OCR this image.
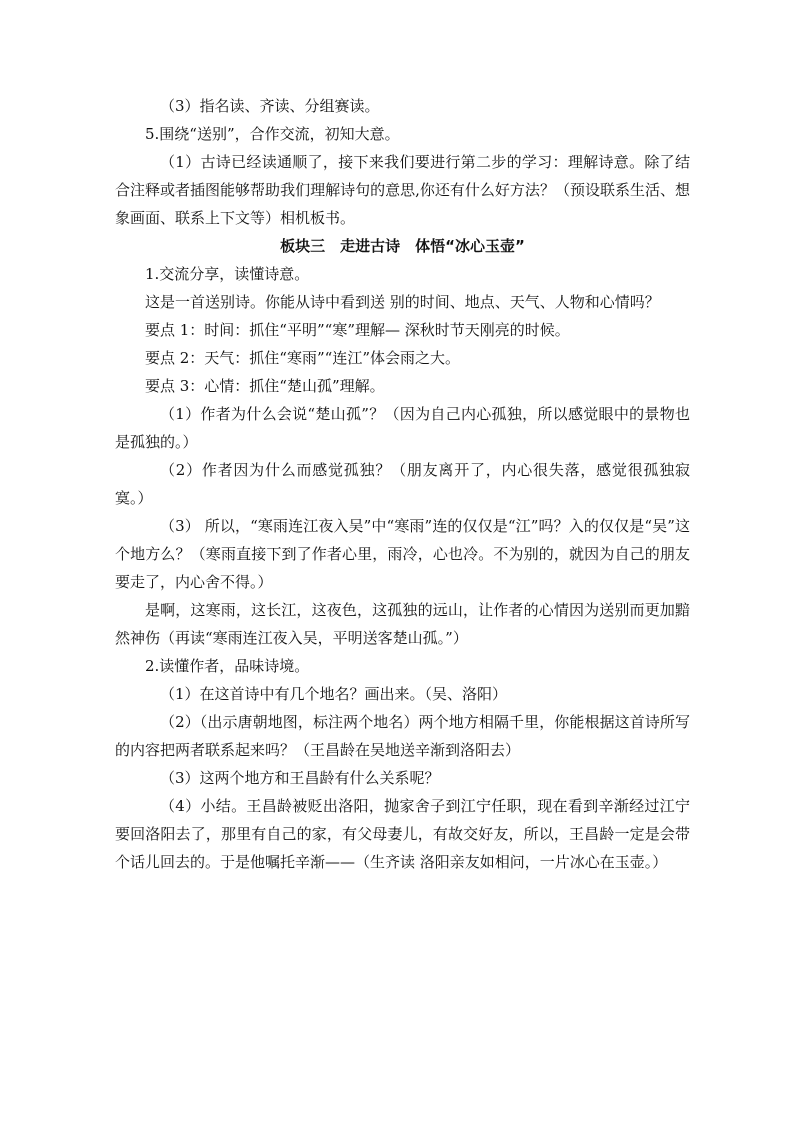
（3）指名读、齐读、分组赛读。

5.围绕“送别”，合作交流，初知大意。

（1）古诗已经读通顺了，接下来我们要进行第二步的学习：理解诗意。除了结合注释或者插图能够帮助我们理解诗句的意思,你还有什么好方法？（预设联系生活、想象画面、联系上下文等）相机板书。

板块三　走进古诗　体悟“冰心玉壶”

1.交流分享，读懂诗意。

这是一首送别诗。你能从诗中看到送 别的时间、地点、天气、人物和心情吗？

要点 1：时间：抓住“平明”“寒”理解— 深秋时节天刚亮的时候。

要点 2：天气：抓住“寒雨”“连江”体会雨之大。

要点 3：心情：抓住“楚山孤”理解。

（1）作者为什么会说“楚山孤”？（因为自己内心孤独，所以感觉眼中的景物也是孤独的。）

（2）作者因为什么而感觉孤独？（朋友离开了，内心很失落，感觉很孤独寂寞。）

（3） 所以，“寒雨连江夜入吴”中“寒雨”连的仅仅是“江”吗？入的仅仅是“吴”这个地方么？（寒雨直接下到了作者心里，雨冷，心也冷。不为别的，就因为自己的朋友要走了，内心舍不得。）

是啊，这寒雨，这长江，这夜色，这孤独的远山，让作者的心情因为送别而更加黯然神伤（再读“寒雨连江夜入吴，平明送客楚山孤。”）

2.读懂作者，品味诗境。

（1）在这首诗中有几个地名？画出来。（吴、洛阳）

（2）（出示唐朝地图，标注两个地名）两个地方相隔千里，你能根据这首诗所写的内容把两者联系起来吗？（王昌龄在吴地送辛渐到洛阳去）

（3）这两个地方和王昌龄有什么关系呢？

（4）小结。王昌龄被贬出洛阳，抛家舍子到江宁任职，现在看到辛渐经过江宁要回洛阳去了，那里有自己的家，有父母妻儿，有故交好友，所以，王昌龄一定是会带个话儿回去的。于是他嘱托辛渐——（生齐读 洛阳亲友如相问，一片冰心在玉壶。）
